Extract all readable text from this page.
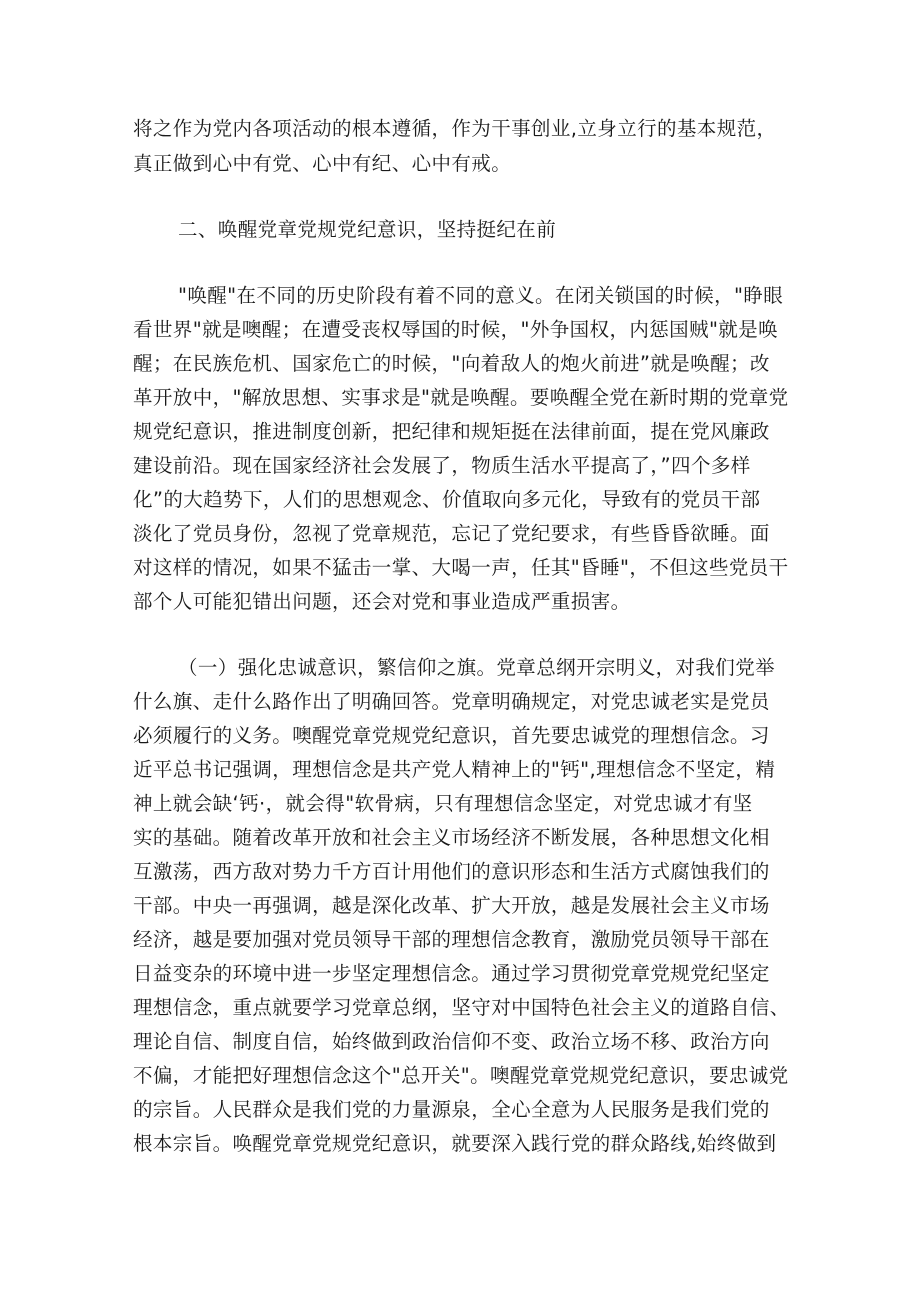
将之作为党内各项活动的根本遵循，作为干事创业,立身立行的基本规范，

真正做到心中有党、心中有纪、心中有戒。

二、唤醒党章党规党纪意识，坚持挺纪在前

"唤醒"在不同的历史阶段有着不同的意义。在闭关锁国的时候，"睁眼

看世界"就是噢醒；在遭受丧权辱国的时候，"外争国权，内惩国贼"就是唤

醒；在民族危机、国家危亡的时候，"向着敌人的炮火前进”就是唤醒；改

革开放中，"解放思想、实事求是"就是唤醒。要唤醒全党在新时期的党章党

规党纪意识，推进制度创新，把纪律和规矩挺在法律前面，提在党风廉政

建设前沿。现在国家经济社会发展了，物质生活水平提高了，”四个多样

化”的大趋势下，人们的思想观念、价值取向多元化，导致有的党员干部

淡化了党员身份，忽视了党章规范，忘记了党纪要求，有些昏昏欲睡。面

对这样的情况，如果不猛击一掌、大喝一声，任其"昏睡"，不但这些党员干

部个人可能犯错出问题，还会对党和事业造成严重损害。

（一）强化忠诚意识，繁信仰之旗。党章总纲开宗明义，对我们党举

什么旗、走什么路作出了明确回答。党章明确规定，对党忠诚老实是党员

必须履行的义务。噢醒党章党规党纪意识，首先要忠诚党的理想信念。习

近平总书记强调，理想信念是共产党人精神上的"钙",理想信念不坚定，精

神上就会缺‘钙·，就会得"软骨病，只有理想信念坚定，对党忠诚才有坚

实的基础。随着改革开放和社会主义市场经济不断发展，各种思想文化相

互激荡，西方敌对势力千方百计用他们的意识形态和生活方式腐蚀我们的

干部。中央一再强调，越是深化改革、扩大开放，越是发展社会主义市场

经济，越是要加强对党员领导干部的理想信念教育，激励党员领导干部在

日益变杂的环境中进一步坚定理想信念。通过学习贯彻党章党规党纪坚定

理想信念，重点就要学习党章总纲，坚守对中国特色社会主义的道路自信、

理论自信、制度自信，始终做到政治信仰不变、政治立场不移、政治方向

不偏，才能把好理想信念这个"总开关"。噢醒党章党规党纪意识，要忠诚党

的宗旨。人民群众是我们党的力量源泉，全心全意为人民服务是我们党的

根本宗旨。唤醒党章党规党纪意识，就要深入践行党的群众路线,始终做到
